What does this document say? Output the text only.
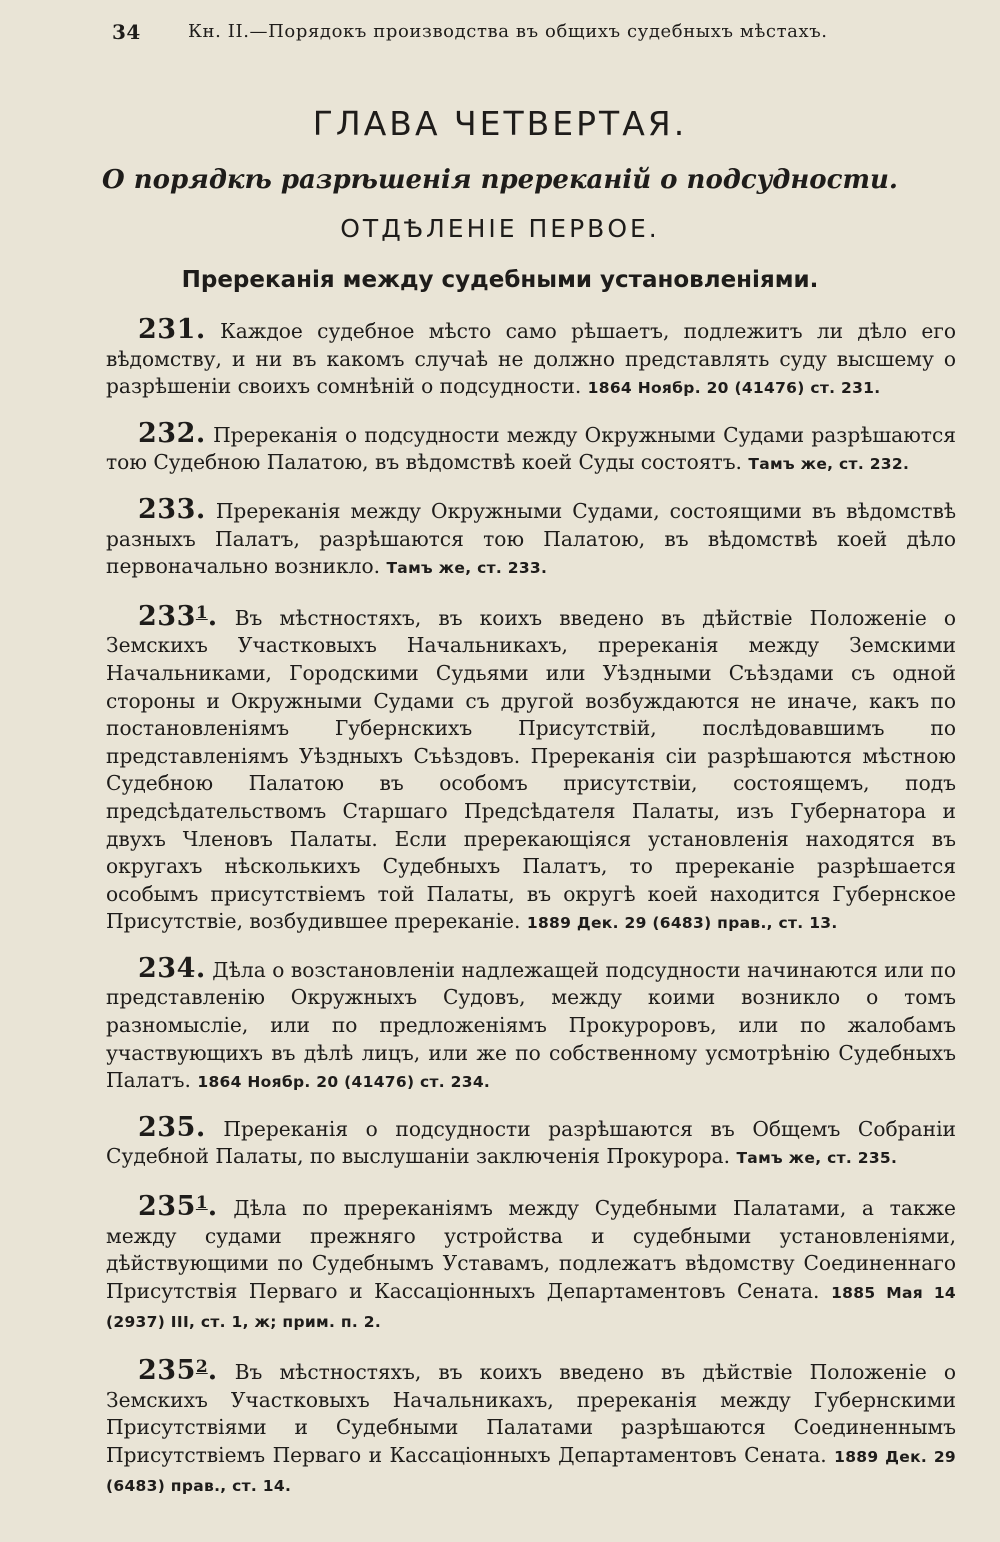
34	Кн. II.—Порядокъ производства въ общихъ судебныхъ мѣстахъ.
ГЛАВА ЧЕТВЕРТАЯ.
О порядкѣ разрѣшенія пререканій о подсудности.
ОТДѢЛЕНІЕ ПЕРВОЕ.
Пререканія между судебными установленіями.

231. Каждое судебное мѣсто само рѣшаетъ, подлежитъ ли дѣло его вѣдомству, и ни въ какомъ случаѣ не должно представлять суду высшему о разрѣшеніи своихъ сомнѣній о подсудности. 1864 Ноябр. 20 (41476) ст. 231.

232. Пререканія о подсудности между Окружными Судами разрѣшаются тою Судебною Палатою, въ вѣдомствѣ коей Суды состоятъ. Тамъ же, ст. 232.

233. Пререканія между Окружными Судами, состоящими въ вѣдомствѣ разныхъ Палатъ, разрѣшаются тою Палатою, въ вѣдомствѣ коей дѣло первоначально возникло. Тамъ же, ст. 233.

$233^1$. Въ мѣстностяхъ, въ коихъ введено въ дѣйствіе Положеніе о Земскихъ Участковыхъ Начальникахъ, пререканія между Земскими Начальниками, Городскими Судьями или Уѣздными Съѣздами съ одной стороны и Окружными Судами съ другой возбуждаются не иначе, какъ по постановленіямъ Губернскихъ Присутствій, послѣдовавшимъ по представленіямъ Уѣздныхъ Съѣздовъ. Пререканія сіи разрѣшаются мѣстною Судебною Палатою въ особомъ присутствіи, состоящемъ, подъ предсѣдательствомъ Старшаго Предсѣдателя Палаты, изъ Губернатора и двухъ Членовъ Палаты. Если пререкающіяся установленія находятся въ округахъ нѣсколькихъ Судебныхъ Палатъ, то пререканіе разрѣшается особымъ присутствіемъ той Палаты, въ округѣ коей находится Губернское Присутствіе, возбудившее пререканіе. 1889 Дек. 29 (6483) прав., ст. 13.

234. Дѣла о возстановленіи надлежащей подсудности начинаются или по представленію Окружныхъ Судовъ, между коими возникло о томъ разномысліе, или по предложеніямъ Прокуроровъ, или по жалобамъ участвующихъ въ дѣлѣ лицъ, или же по собственному усмотрѣнію Судебныхъ Палатъ. 1864 Ноябр. 20 (41476) ст. 234.

235. Пререканія о подсудности разрѣшаются въ Общемъ Собраніи Судебной Палаты, по выслушаніи заключенія Прокурора. Тамъ же, ст. 235.

$235^1$. Дѣла по пререканіямъ между Судебными Палатами, а также между судами прежняго устройства и судебными установленіями, дѣйствующими по Судебнымъ Уставамъ, подлежатъ вѣдомству Соединеннаго Присутствія Перваго и Кассаціонныхъ Департаментовъ Сената. 1885 Мая 14 (2937) III, ст. 1, ж; прим. п. 2.

$235^2$. Въ мѣстностяхъ, въ коихъ введено въ дѣйствіе Положеніе о Земскихъ Участковыхъ Начальникахъ, пререканія между Губернскими Присутствіями и Судебными Палатами разрѣшаются Соединеннымъ Присутствіемъ Перваго и Кассаціонныхъ Департаментовъ Сената. 1889 Дек. 29 (6483) прав., ст. 14.
